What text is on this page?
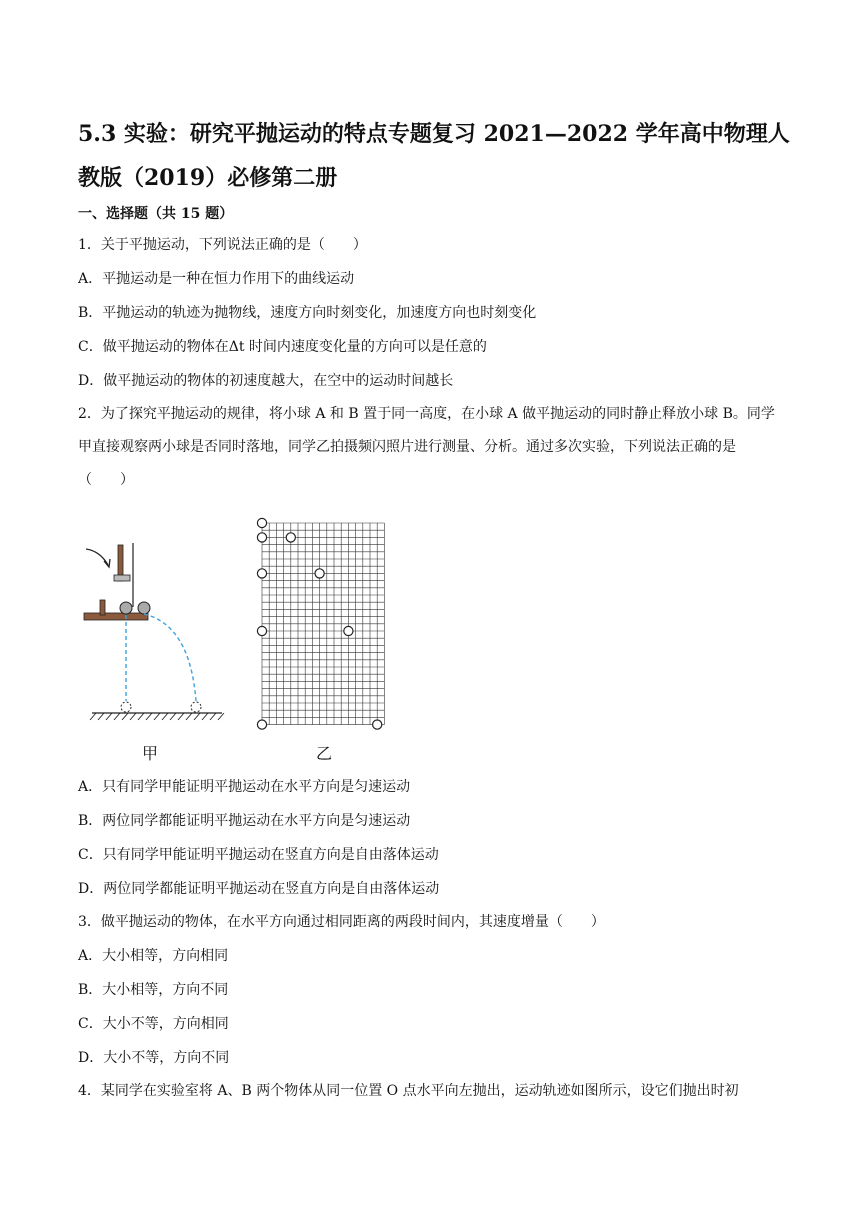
5.3 实验：研究平抛运动的特点专题复习 2021—2022 学年高中物理人教版（2019）必修第二册
一、选择题（共 15 题）
1．关于平抛运动，下列说法正确的是（　　）
A．平抛运动是一种在恒力作用下的曲线运动
B．平抛运动的轨迹为抛物线，速度方向时刻变化，加速度方向也时刻变化
C．做平抛运动的物体在Δt 时间内速度变化量的方向可以是任意的
D．做平抛运动的物体的初速度越大，在空中的运动时间越长
2．为了探究平抛运动的规律，将小球 A 和 B 置于同一高度，在小球 A 做平抛运动的同时静止释放小球 B。同学甲直接观察两小球是否同时落地，同学乙拍摄频闪照片进行测量、分析。通过多次实验，下列说法正确的是（　　）
甲	乙
A．只有同学甲能证明平抛运动在水平方向是匀速运动
B．两位同学都能证明平抛运动在水平方向是匀速运动
C．只有同学甲能证明平抛运动在竖直方向是自由落体运动
D．两位同学都能证明平抛运动在竖直方向是自由落体运动
3．做平抛运动的物体，在水平方向通过相同距离的两段时间内，其速度增量（　　）
A．大小相等，方向相同
B．大小相等，方向不同
C．大小不等，方向相同
D．大小不等，方向不同
4．某同学在实验室将 A、B 两个物体从同一位置 O 点水平向左抛出，运动轨迹如图所示，设它们抛出时初
